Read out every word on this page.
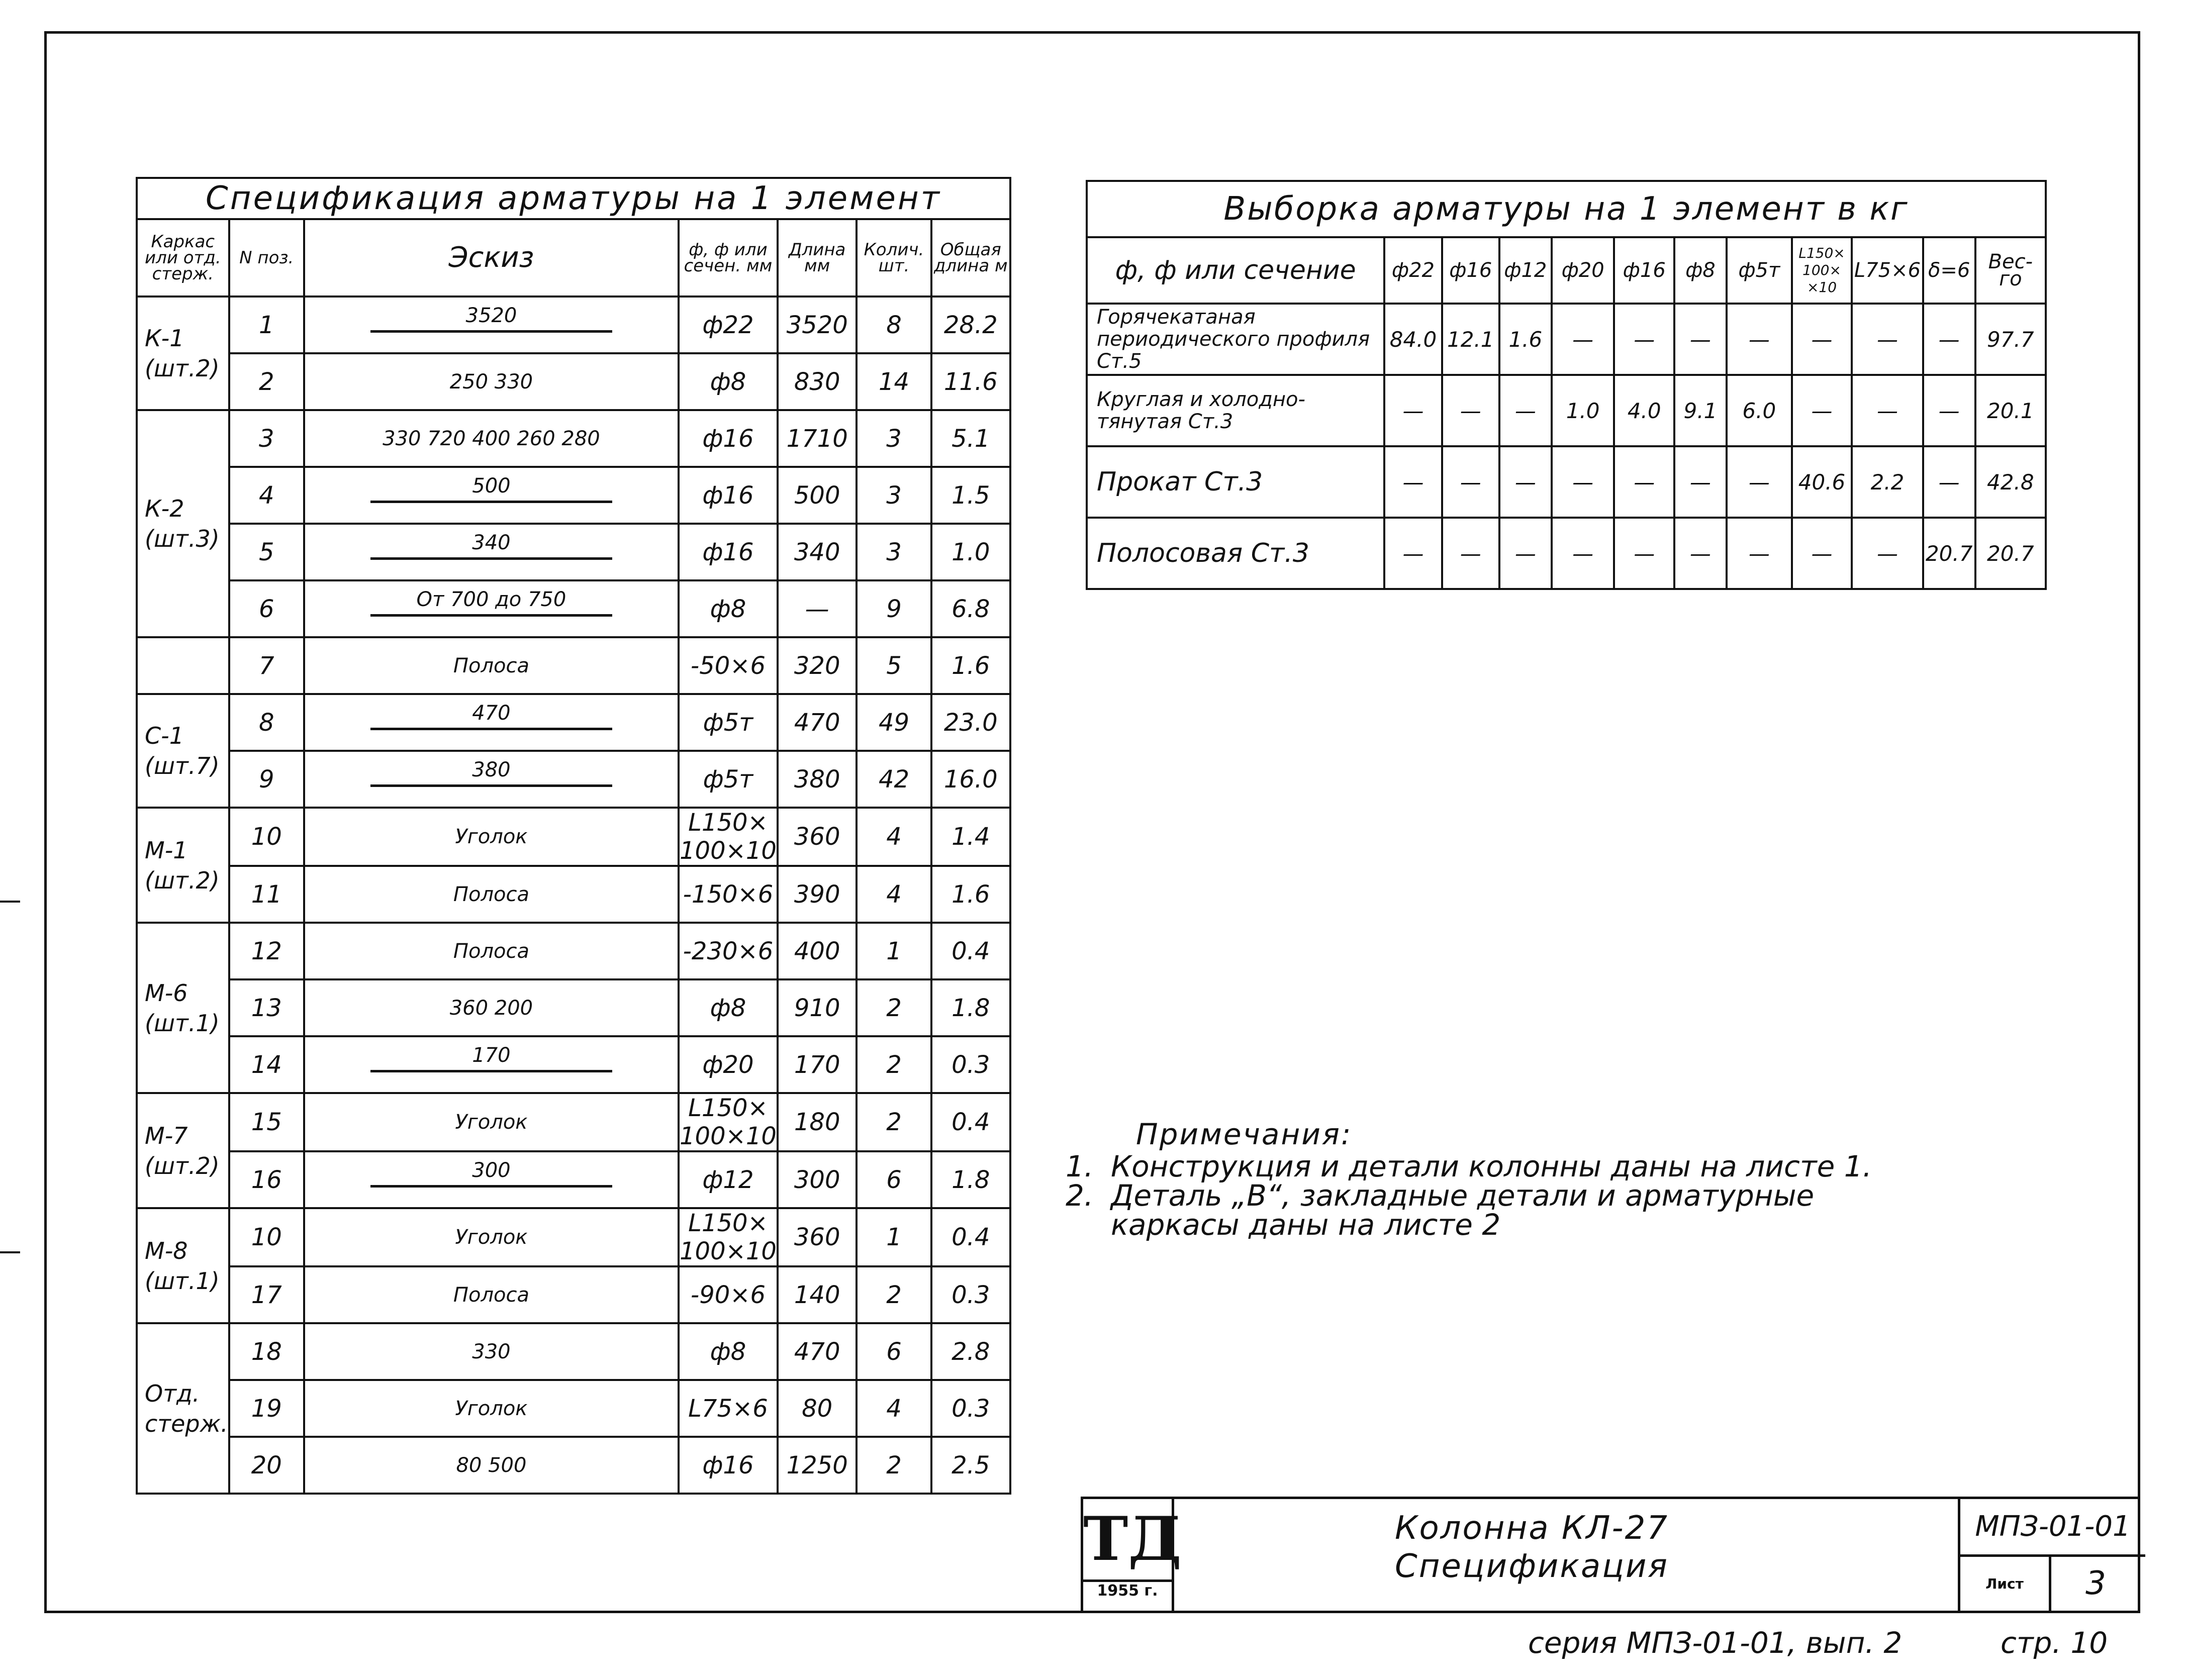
Спецификация арматуры на 1 элемент						
Каркас или отд. стерж.	N поз.	Эскиз	ф, ф или сечен. мм	Длина мм	Колич. шт.	Общая длина м
К-1 (шт.2)	1	3520	ф22	3520	8	28.2
	2	250 330	ф8	830	14	11.6
К-2 (шт.3)	3	330 720 400 260 280	ф16	1710	3	5.1
	4	500	ф16	500	3	1.5
	5	340	ф16	340	3	1.0
	6	От 700 до 750	ф8	—	9	6.8
	7	Полоса	-50×6	320	5	1.6
С-1 (шт.7)	8	470	ф5т	470	49	23.0
	9	380	ф5т	380	42	16.0
М-1 (шт.2)	10	Уголок	L150× 100×10	360	4	1.4
	11	Полоса	-150×6	390	4	1.6
М-6 (шт.1)	12	Полоса	-230×6	400	1	0.4
	13	360 200	ф8	910	2	1.8
	14	170	ф20	170	2	0.3
М-7 (шт.2)	15	Уголок	L150× 100×10	180	2	0.4
	16	300	ф12	300	6	1.8
М-8 (шт.1)	10	Уголок	L150× 100×10	360	1	0.4
	17	Полоса	-90×6	140	2	0.3
Отд. стерж.	18	330	ф8	470	6	2.8
	19	Уголок	L75×6	80	4	0.3
	20	80 500	ф16	1250	2	2.5
Выборка арматуры на 1 элемент в кг											
ф, ф или сечение	ф22	ф16	ф12	ф20	ф16	ф8	ф5т	L150× 100× ×10	L75×6	δ=6	Вес- го
Горячекатаная периодического профиля Ст.5	84.0	12.1	1.6	—	—	—	—	—	—	—	97.7
Круглая и холодно-тянутая Ст.3	—	—	—	1.0	4.0	9.1	6.0	—	—	—	20.1
Прокат Ст.3	—	—	—	—	—	—	—	40.6	2.2	—	42.8
Полосовая Ст.3	—	—	—	—	—	—	—	—	—	20.7	20.7
Примечания:
1. Конструкция и детали колонны даны на листе 1.
2. Деталь „В“, закладные детали и арматурные каркасы даны на листе 2
ТД
1955 г.
Колонна КЛ-27
Спецификация
МПЗ-01-01
Лист	3
серия МПЗ-01-01, вып. 2	стр. 10
